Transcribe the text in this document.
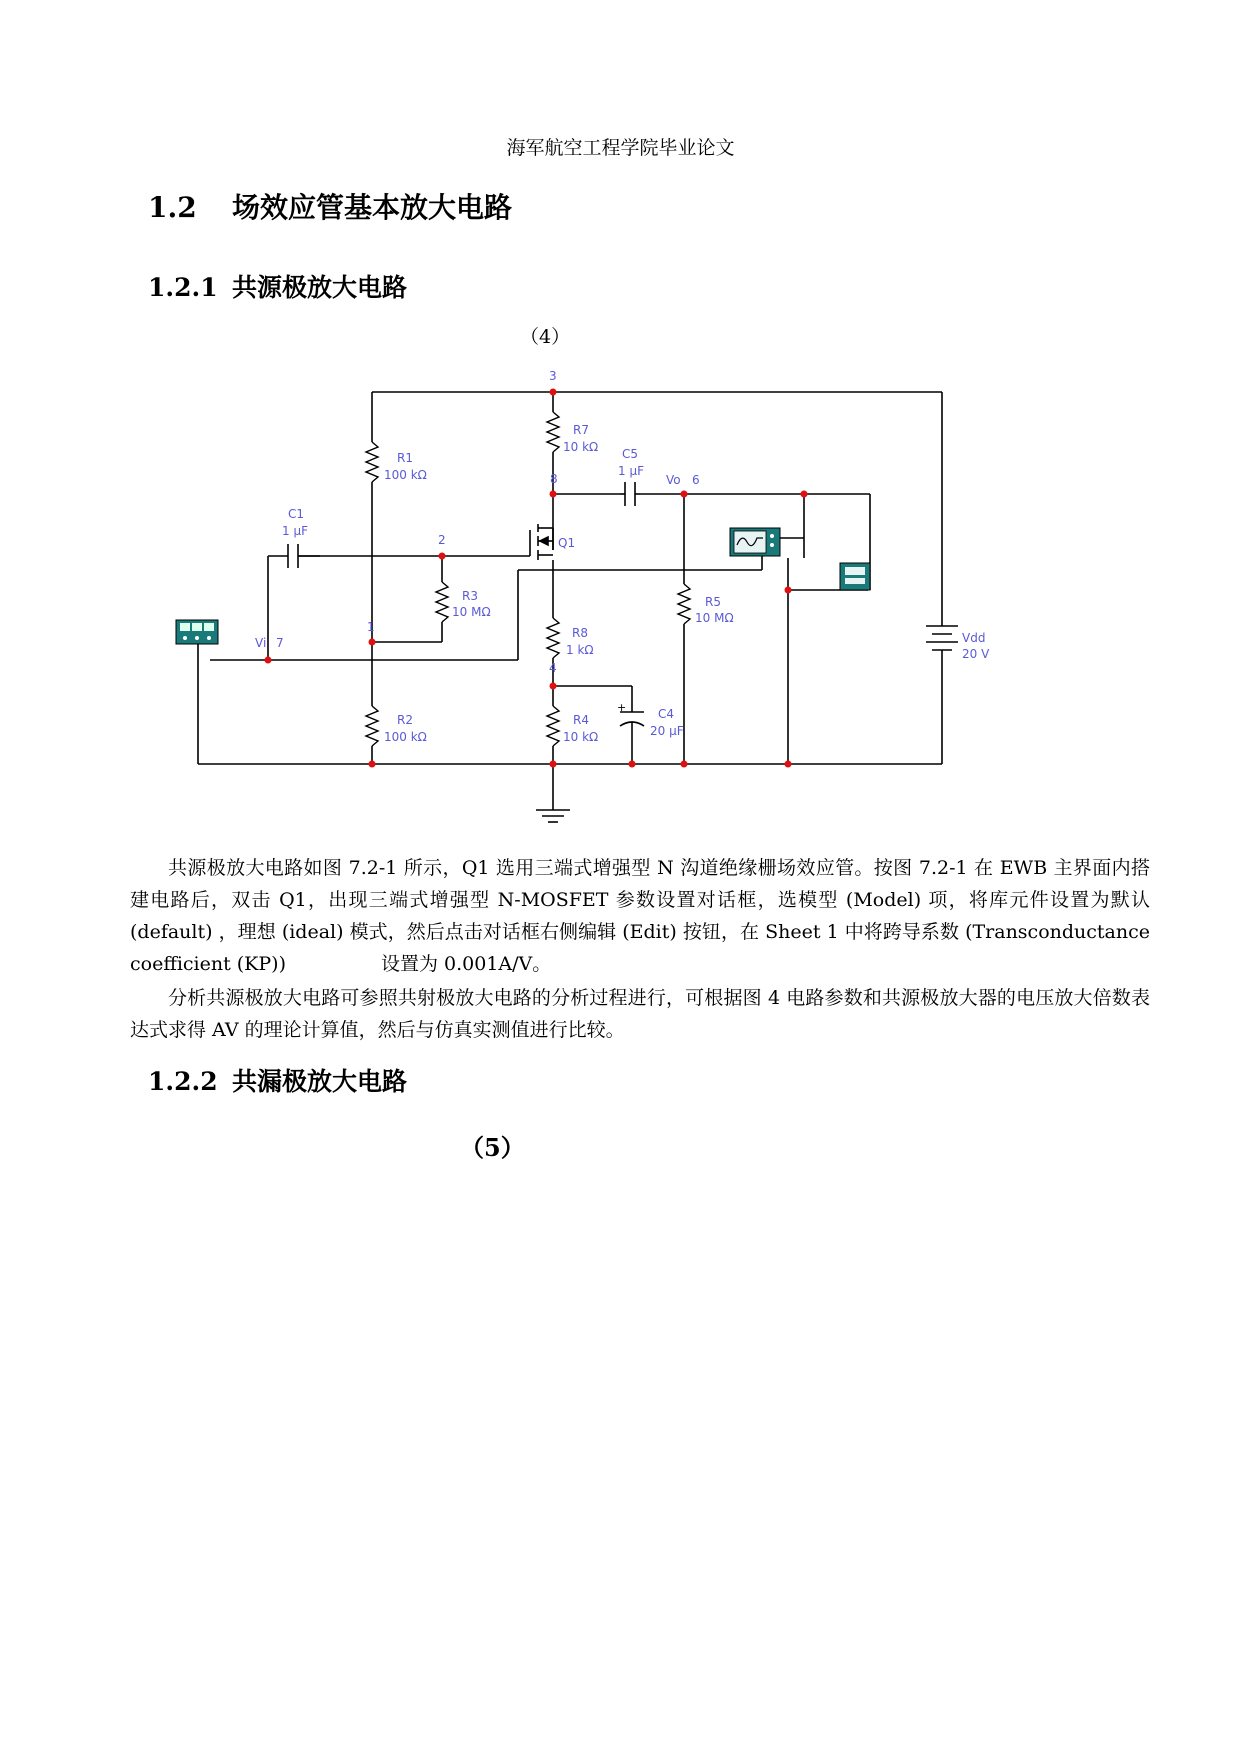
海军航空工程学院毕业论文
1.2 场效应管基本放大电路
1.2.1 共源极放大电路
（4）
+
3
R7
10 kΩ
8
R1
100 kΩ
C5
1 µF
Vo 6
C1
1 µF
2	Q1
R3
10 MΩ
R5
10 MΩ
R8
1 kΩ
1
Vi 7
4
Vdd
20 V
C4
20 µF
R2
100 kΩ
R4
10 kΩ

共源极放大电路如图 7.2-1 所示，Q1 选用三端式增强型 N 沟道绝缘栅场效应管。按图 7.2-1 在 EWB 主界面内搭建电路后，双击 Q1，出现三端式增强型 N-MOSFET 参数设置对话框，选模型 (Model) 项，将库元件设置为默认 (default) ，理想 (ideal) 模式，然后点击对话框右侧编辑 (Edit) 按钮，在 Sheet 1 中将跨导系数 (Transconductance　coefficient (KP))　　　　　设置为 0.001A/V。

分析共源极放大电路可参照共射极放大电路的分析过程进行，可根据图 4 电路参数和共源极放大器的电压放大倍数表达式求得 AV 的理论计算值，然后与仿真实测值进行比较。

1.2.2 共漏极放大电路
（5）
